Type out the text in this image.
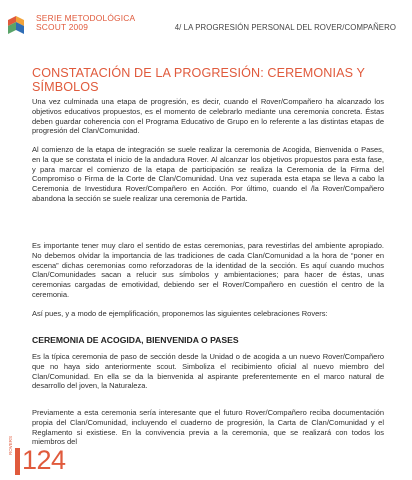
SERIE METODOLÓGICA
SCOUT 2009	4/ LA PROGRESIÓN PERSONAL DEL ROVER/COMPAÑERO
CONSTATACIÓN DE LA PROGRESIÓN: CEREMONIAS Y SÍMBOLOS

Una vez culminada una etapa de progresión, es decir, cuando el Rover/Compañero ha alcanzado los objetivos educativos propuestos, es el momento de celebrarlo mediante una ceremonia concreta. Éstas deben guardar coherencia con el Programa Educativo de Grupo en lo referente a las distintas etapas de progresión del Clan/Comunidad.

Al comienzo de la etapa de integración se suele realizar la ceremonia de Acogida, Bienvenida o Pases, en la que se constata el inicio de la andadura Rover. Al alcanzar los objetivos propuestos para esta fase, y para marcar el comienzo de la etapa de participación se realiza la Ceremonia de la Firma del Compromiso o Firma de la Corte de Clan/Comunidad. Una vez superada esta etapa se lleva a cabo la Ceremonia de Investidura Rover/Compañero en Acción. Por último, cuando el /la Rover/Compañero abandona la sección se suele realizar una ceremonia de Partida.

Es importante tener muy claro el sentido de estas ceremonias, para revestirlas del ambiente apropiado. No debemos olvidar la importancia de las tradiciones de cada Clan/Comunidad a la hora de “poner en escena” dichas ceremonias como reforzadoras de la identidad de la sección. Es aquí cuando muchos Clan/Comunidades sacan a relucir sus símbolos y ambientaciones; para hacer de éstas, unas ceremonias cargadas de emotividad, debiendo ser el Rover/Compañero en cuestión el centro de la ceremonia.

Así pues, y a modo de ejemplificación, proponemos las siguientes celebraciones Rovers:

CEREMONIA DE ACOGIDA, BIENVENIDA O PASES

Es la típica ceremonia de paso de sección desde la Unidad o de acogida a un nuevo Rover/Compañero que no haya sido anteriormente scout. Simboliza el recibimiento oficial al nuevo miembro del Clan/Comunidad. En ella se da la bienvenida al aspirante preferentemente en el marco natural de desarrollo del joven, la Naturaleza.

Previamente a esta ceremonia sería interesante que el futuro Rover/Compañero reciba documentación propia del Clan/Comunidad, incluyendo el cuaderno de progresión, la Carta de Clan/Comunidad y el Reglamento si existiese. En la convivencia previa a la ceremonia, que se realizará con todos los miembros del

ROVERS 124
